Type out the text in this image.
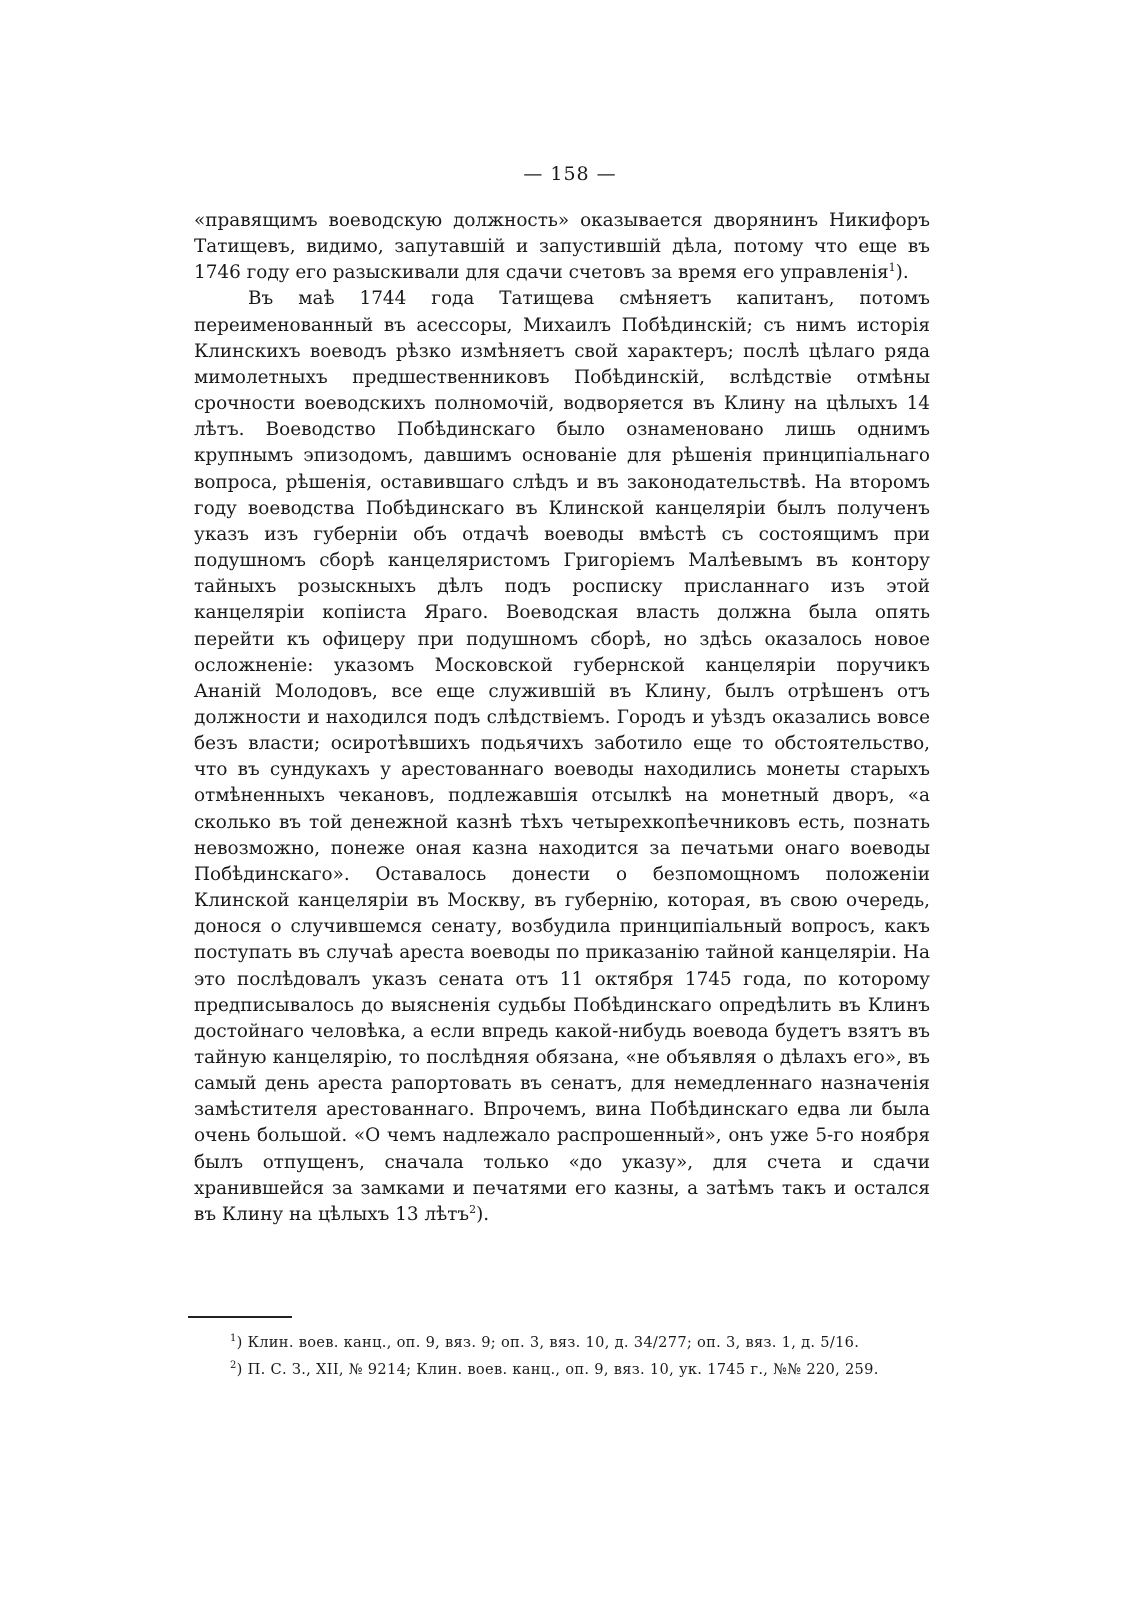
— 158 —

«правящимъ воеводскую должность» оказывается дворянинъ Никифоръ Татищевъ, видимо, запутавшій и запустившій дѣла, потому что еще въ 1746 году его разыскивали для сдачи счетовъ за время его управленія$^1$).

Въ маѣ 1744 года Татищева смѣняетъ капитанъ, потомъ переименованный въ асессоры, Михаилъ Побѣдинскій; съ нимъ исторія Клинскихъ воеводъ рѣзко измѣняетъ свой характеръ; послѣ цѣлаго ряда мимолетныхъ предшественниковъ Побѣдинскій, вслѣдствіе отмѣны срочности воеводскихъ полномочій, водворяется въ Клину на цѣлыхъ 14 лѣтъ. Воеводство Побѣдинскаго было ознаменовано лишь однимъ крупнымъ эпизодомъ, давшимъ основаніе для рѣшенія принципіальнаго вопроса, рѣшенія, оставившаго слѣдъ и въ законодательствѣ. На второмъ году воеводства Побѣдинскаго въ Клинской канцеляріи былъ полученъ указъ изъ губерніи объ отдачѣ воеводы вмѣстѣ съ состоящимъ при подушномъ сборѣ канцеляристомъ Григоріемъ Малѣевымъ въ контору тайныхъ розыскныхъ дѣлъ подъ росписку присланнаго изъ этой канцеляріи копіиста Яраго. Воеводская власть должна была опять перейти къ офицеру при подушномъ сборѣ, но здѣсь оказалось новое осложненіе: указомъ Московской губернской канцеляріи поручикъ Ананій Молодовъ, все еще служившій въ Клину, былъ отрѣшенъ отъ должности и находился подъ слѣдствіемъ. Городъ и уѣздъ оказались вовсе безъ власти; осиротѣвшихъ подьячихъ заботило еще то обстоятельство, что въ сундукахъ у арестованнаго воеводы находились монеты старыхъ отмѣненныхъ чекановъ, подлежавшія отсылкѣ на монетный дворъ, «а сколько въ той денежной казнѣ тѣхъ четырехкопѣечниковъ есть, познать невозможно, понеже оная казна находится за печатьми онаго воеводы Побѣдинскаго». Оставалось донести о безпомощномъ положеніи Клинской канцеляріи въ Москву, въ губернію, которая, въ свою очередь, донося о случившемся сенату, возбудила принципіальный вопросъ, какъ поступать въ случаѣ ареста воеводы по приказанію тайной канцеляріи. На это послѣдовалъ указъ сената отъ 11 октября 1745 года, по которому предписывалось до выясненія судьбы Побѣдинскаго опредѣлить въ Клинъ достойнаго человѣка, а если впредь какой-нибудь воевода будетъ взятъ въ тайную канцелярію, то послѣдняя обязана, «не объявляя о дѣлахъ его», въ самый день ареста рапортовать въ сенатъ, для немедленнаго назначенія замѣстителя арестованнаго. Впрочемъ, вина Побѣдинскаго едва ли была очень большой. «О чемъ надлежало распрошенный», онъ уже 5-го ноября былъ отпущенъ, сначала только «до указу», для счета и сдачи хранившейся за замками и печатями его казны, а затѣмъ такъ и остался въ Клину на цѣлыхъ 13 лѣтъ$^2$).

$^1$) Клин. воев. канц., оп. 9, вяз. 9; оп. 3, вяз. 10, д. 34/277; оп. 3, вяз. 1, д. 5/16.

$^2$) П. С. З., XII, № 9214; Клин. воев. канц., оп. 9, вяз. 10, ук. 1745 г., №№ 220, 259.
